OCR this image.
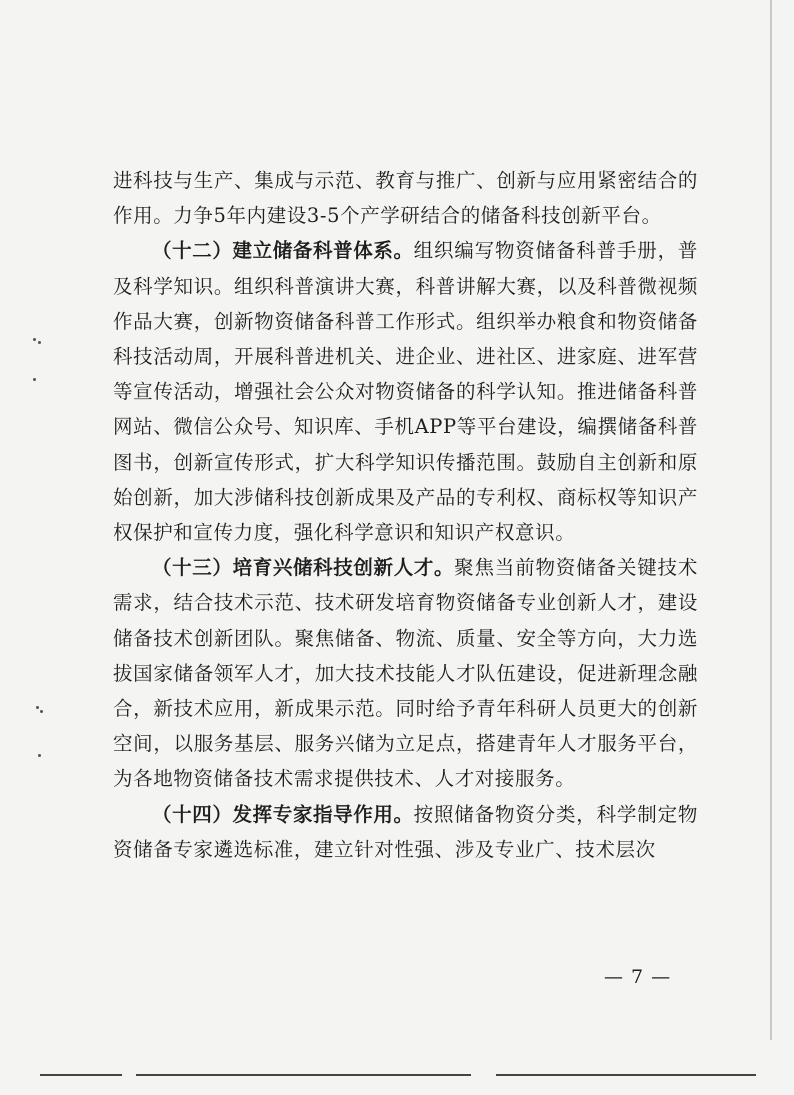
进科技与生产、集成与示范、教育与推广、创新与应用紧密结合的作用。力争5年内建设3-5个产学研结合的储备科技创新平台。

（十二）建立储备科普体系。组织编写物资储备科普手册，普及科学知识。组织科普演讲大赛，科普讲解大赛，以及科普微视频作品大赛，创新物资储备科普工作形式。组织举办粮食和物资储备科技活动周，开展科普进机关、进企业、进社区、进家庭、进军营等宣传活动，增强社会公众对物资储备的科学认知。推进储备科普网站、微信公众号、知识库、手机APP等平台建设，编撰储备科普图书，创新宣传形式，扩大科学知识传播范围。鼓励自主创新和原始创新，加大涉储科技创新成果及产品的专利权、商标权等知识产权保护和宣传力度，强化科学意识和知识产权意识。

（十三）培育兴储科技创新人才。聚焦当前物资储备关键技术需求，结合技术示范、技术研发培育物资储备专业创新人才，建设储备技术创新团队。聚焦储备、物流、质量、安全等方向，大力选拔国家储备领军人才，加大技术技能人才队伍建设，促进新理念融合，新技术应用，新成果示范。同时给予青年科研人员更大的创新空间，以服务基层、服务兴储为立足点，搭建青年人才服务平台，为各地物资储备技术需求提供技术、人才对接服务。

（十四）发挥专家指导作用。按照储备物资分类，科学制定物资储备专家遴选标准，建立针对性强、涉及专业广、技术层次

— 7 —
